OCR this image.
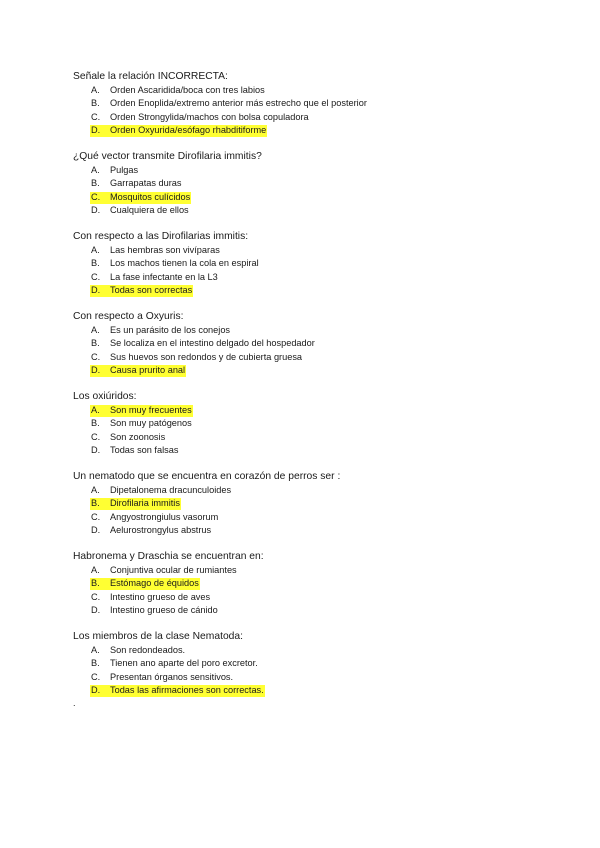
Señale la relación INCORRECTA:
A. Orden Ascaridida/boca con tres labios
B. Orden Enoplida/extremo anterior más estrecho que el posterior
C. Orden Strongylida/machos con bolsa copuladora
D. Orden Oxyurida/esófago rhabditiforme
¿Qué vector transmite Dirofilaria immitis?
A. Pulgas
B. Garrapatas duras
C. Mosquitos culícidos
D. Cualquiera de ellos
Con respecto a las Dirofilarias immitis:
A. Las hembras son vivíparas
B. Los machos tienen la cola en espiral
C. La fase infectante en la L3
D. Todas son correctas
Con respecto a Oxyuris:
A. Es un parásito de los conejos
B. Se localiza en el intestino delgado del hospedador
C. Sus huevos son redondos y de cubierta gruesa
D. Causa prurito anal
Los oxiúridos:
A. Son muy frecuentes
B. Son muy patógenos
C. Son zoonosis
D. Todas son falsas
Un nematodo que se encuentra en corazón de perros ser :
A. Dipetalonema dracunculoides
B. Dirofilaria immitis
C. Angyostrongiulus vasorum
D. Aelurostrongylus abstrus
Habronema y Draschia se encuentran en:
A. Conjuntiva ocular de rumiantes
B. Estómago de équidos
C. Intestino grueso de aves
D. Intestino grueso de cánido
Los miembros de la clase Nematoda:
A. Son redondeados.
B. Tienen ano aparte del poro excretor.
C. Presentan órganos sensitivos.
D. Todas las afirmaciones son correctas.
.
